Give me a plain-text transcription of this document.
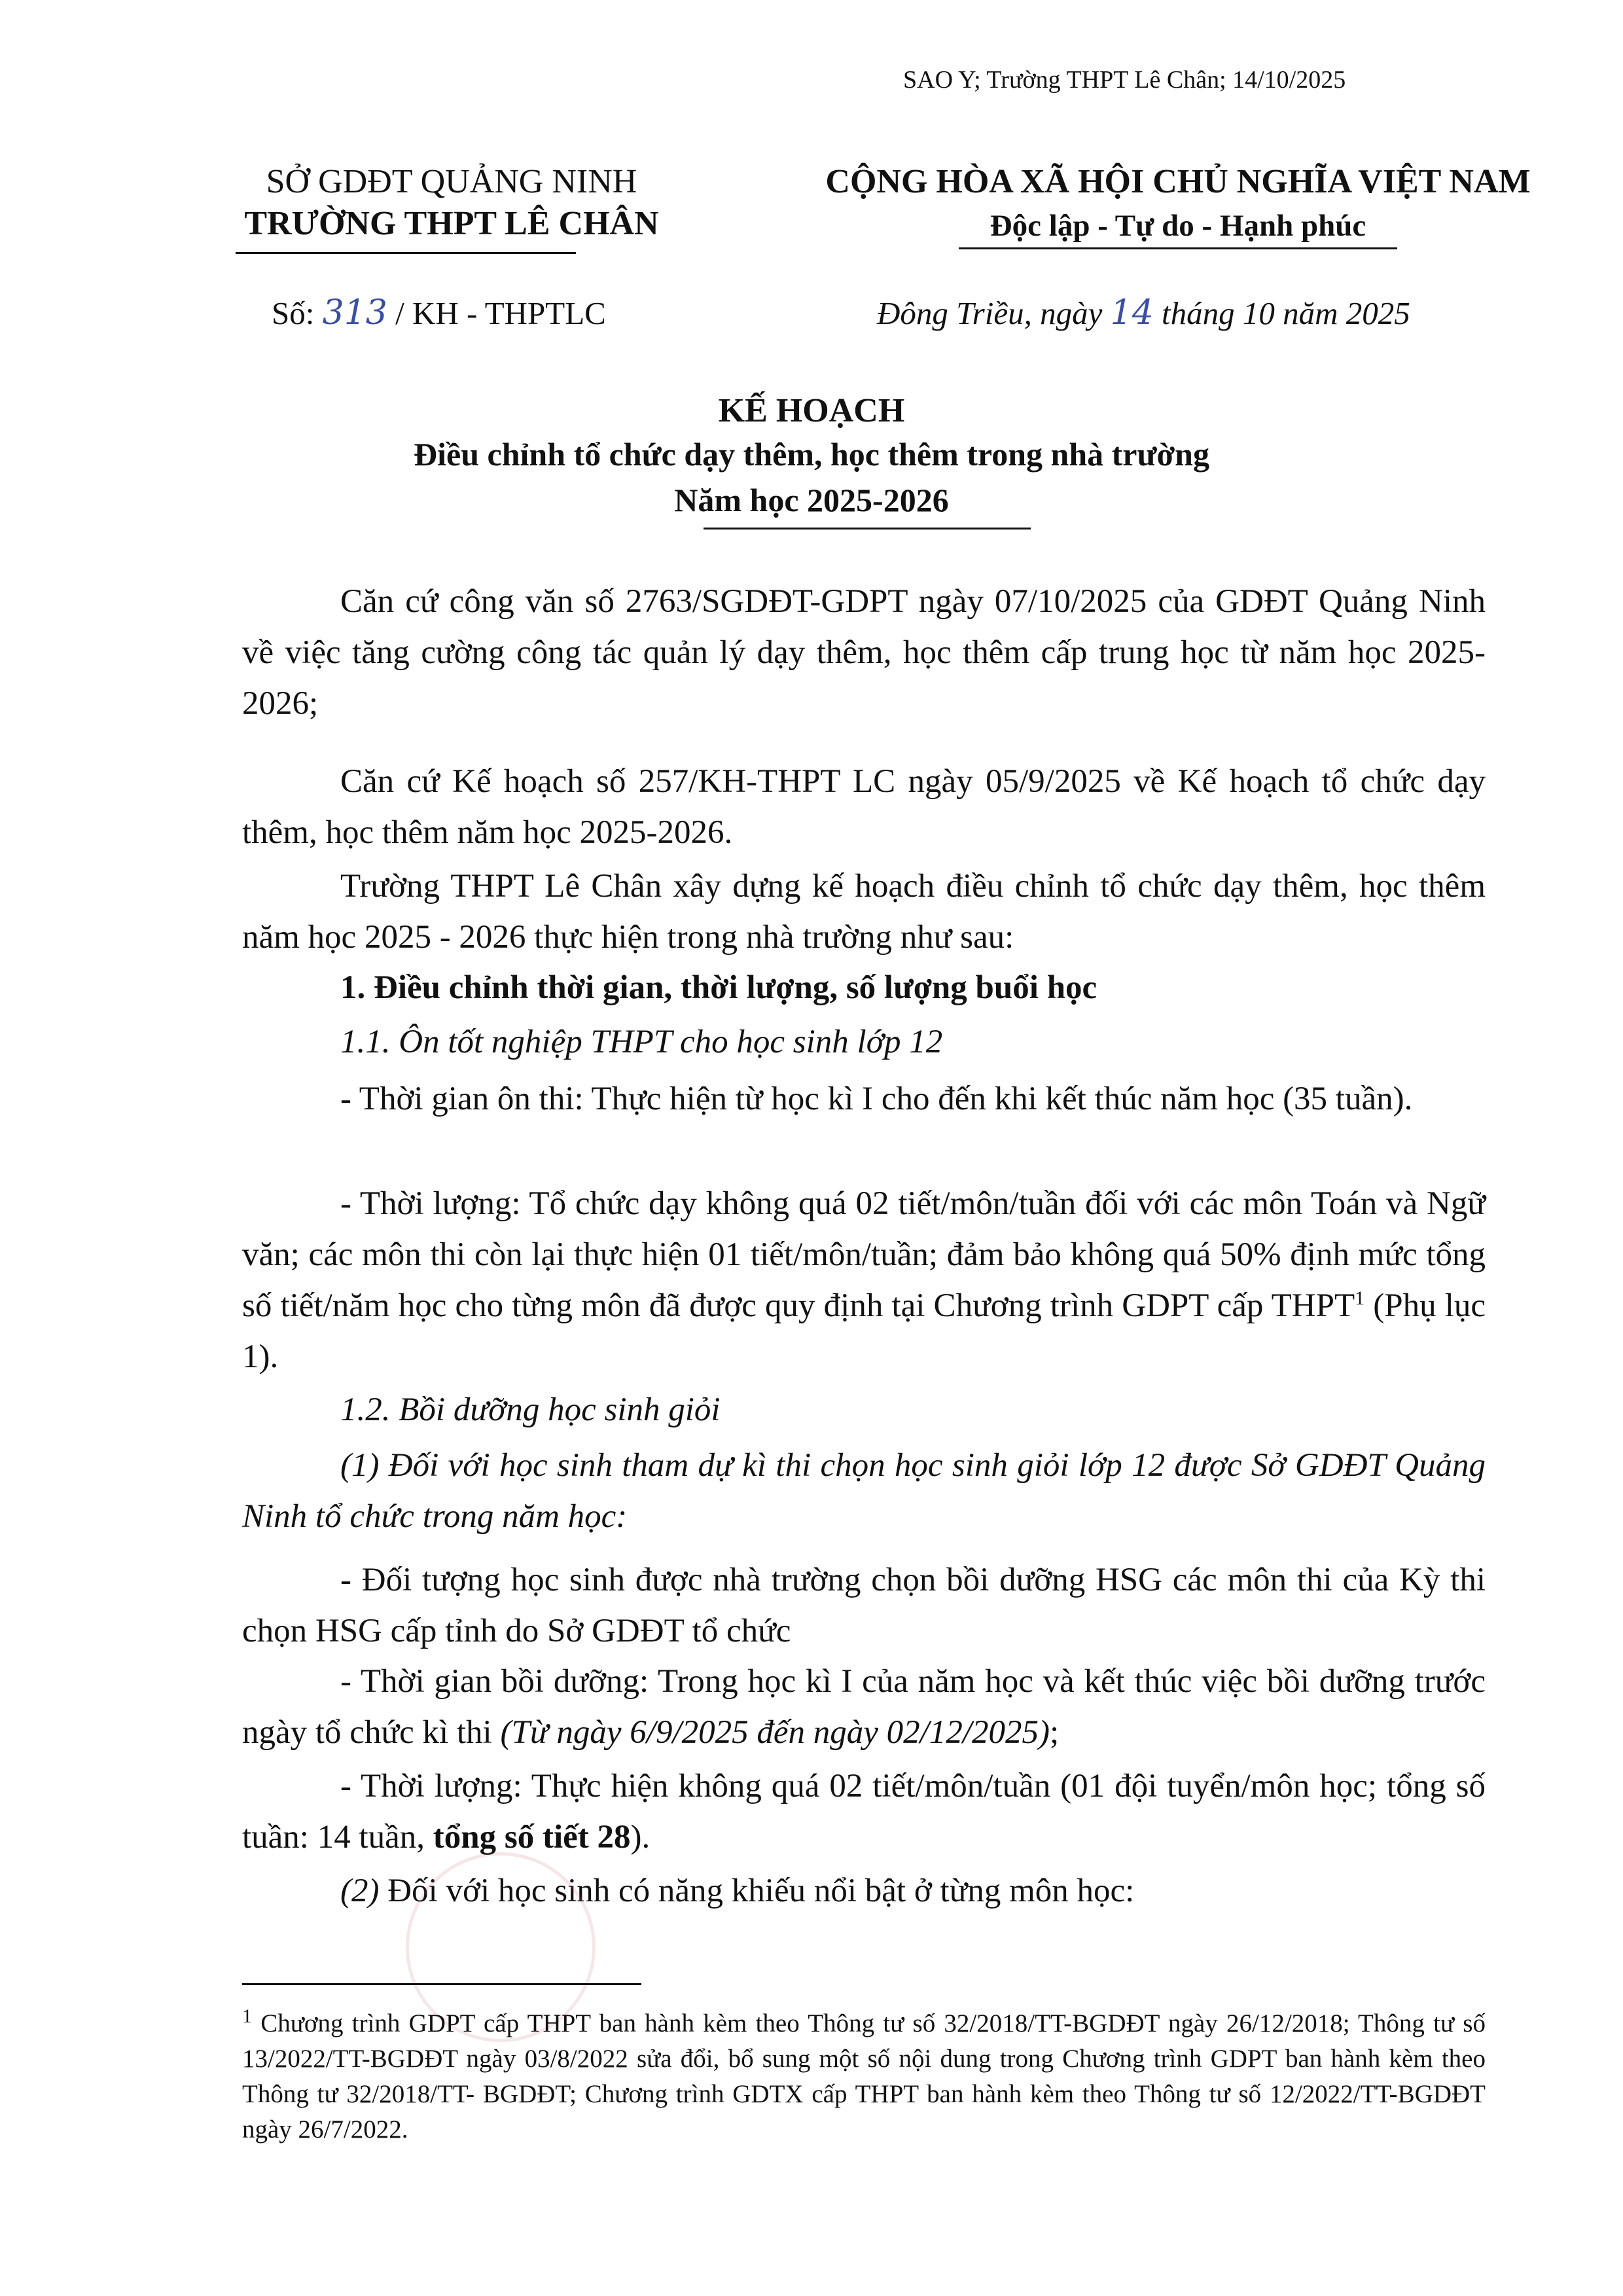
SAO Y; Trường THPT Lê Chân; 14/10/2025
SỞ GDĐT QUẢNG NINH
TRƯỜNG THPT LÊ CHÂN
CỘNG HÒA XÃ HỘI CHỦ NGHĨA VIỆT NAM
Độc lập - Tự do - Hạnh phúc
Số: 313 / KH - THPTLC	Đông Triều, ngày 14 tháng 10 năm 2025
KẾ HOẠCH
Điều chỉnh tổ chức dạy thêm, học thêm trong nhà trường
Năm học 2025-2026
Căn cứ công văn số 2763/SGDĐT-GDPT ngày 07/10/2025 của GDĐT Quảng Ninh về việc tăng cường công tác quản lý dạy thêm, học thêm cấp trung học từ năm học 2025-2026;
Căn cứ Kế hoạch số 257/KH-THPT LC ngày 05/9/2025 về Kế hoạch tổ chức dạy thêm, học thêm năm học 2025-2026.
Trường THPT Lê Chân xây dựng kế hoạch điều chỉnh tổ chức dạy thêm, học thêm năm học 2025 - 2026 thực hiện trong nhà trường như sau:
1. Điều chỉnh thời gian, thời lượng, số lượng buổi học
1.1. Ôn tốt nghiệp THPT cho học sinh lớp 12
- Thời gian ôn thi: Thực hiện từ học kì I cho đến khi kết thúc năm học (35 tuần).
- Thời lượng: Tổ chức dạy không quá 02 tiết/môn/tuần đối với các môn Toán và Ngữ văn; các môn thi còn lại thực hiện 01 tiết/môn/tuần; đảm bảo không quá 50% định mức tổng số tiết/năm học cho từng môn đã được quy định tại Chương trình GDPT cấp THPT$^1$ (Phụ lục 1).
1.2. Bồi dưỡng học sinh giỏi
(1) Đối với học sinh tham dự kì thi chọn học sinh giỏi lớp 12 được Sở GDĐT Quảng Ninh tổ chức trong năm học:
- Đối tượng học sinh được nhà trường chọn bồi dưỡng HSG các môn thi của Kỳ thi chọn HSG cấp tỉnh do Sở GDĐT tổ chức
- Thời gian bồi dưỡng: Trong học kì I của năm học và kết thúc việc bồi dưỡng trước ngày tổ chức kì thi (Từ ngày 6/9/2025 đến ngày 02/12/2025);
- Thời lượng: Thực hiện không quá 02 tiết/môn/tuần (01 đội tuyển/môn học; tổng số tuần: 14 tuần, tổng số tiết 28).
(2) Đối với học sinh có năng khiếu nổi bật ở từng môn học:
$^1$ Chương trình GDPT cấp THPT ban hành kèm theo Thông tư số 32/2018/TT-BGDĐT ngày 26/12/2018; Thông tư số 13/2022/TT-BGDĐT ngày 03/8/2022 sửa đổi, bổ sung một số nội dung trong Chương trình GDPT ban hành kèm theo Thông tư 32/2018/TT- BGDĐT; Chương trình GDTX cấp THPT ban hành kèm theo Thông tư số 12/2022/TT-BGDĐT ngày 26/7/2022.
